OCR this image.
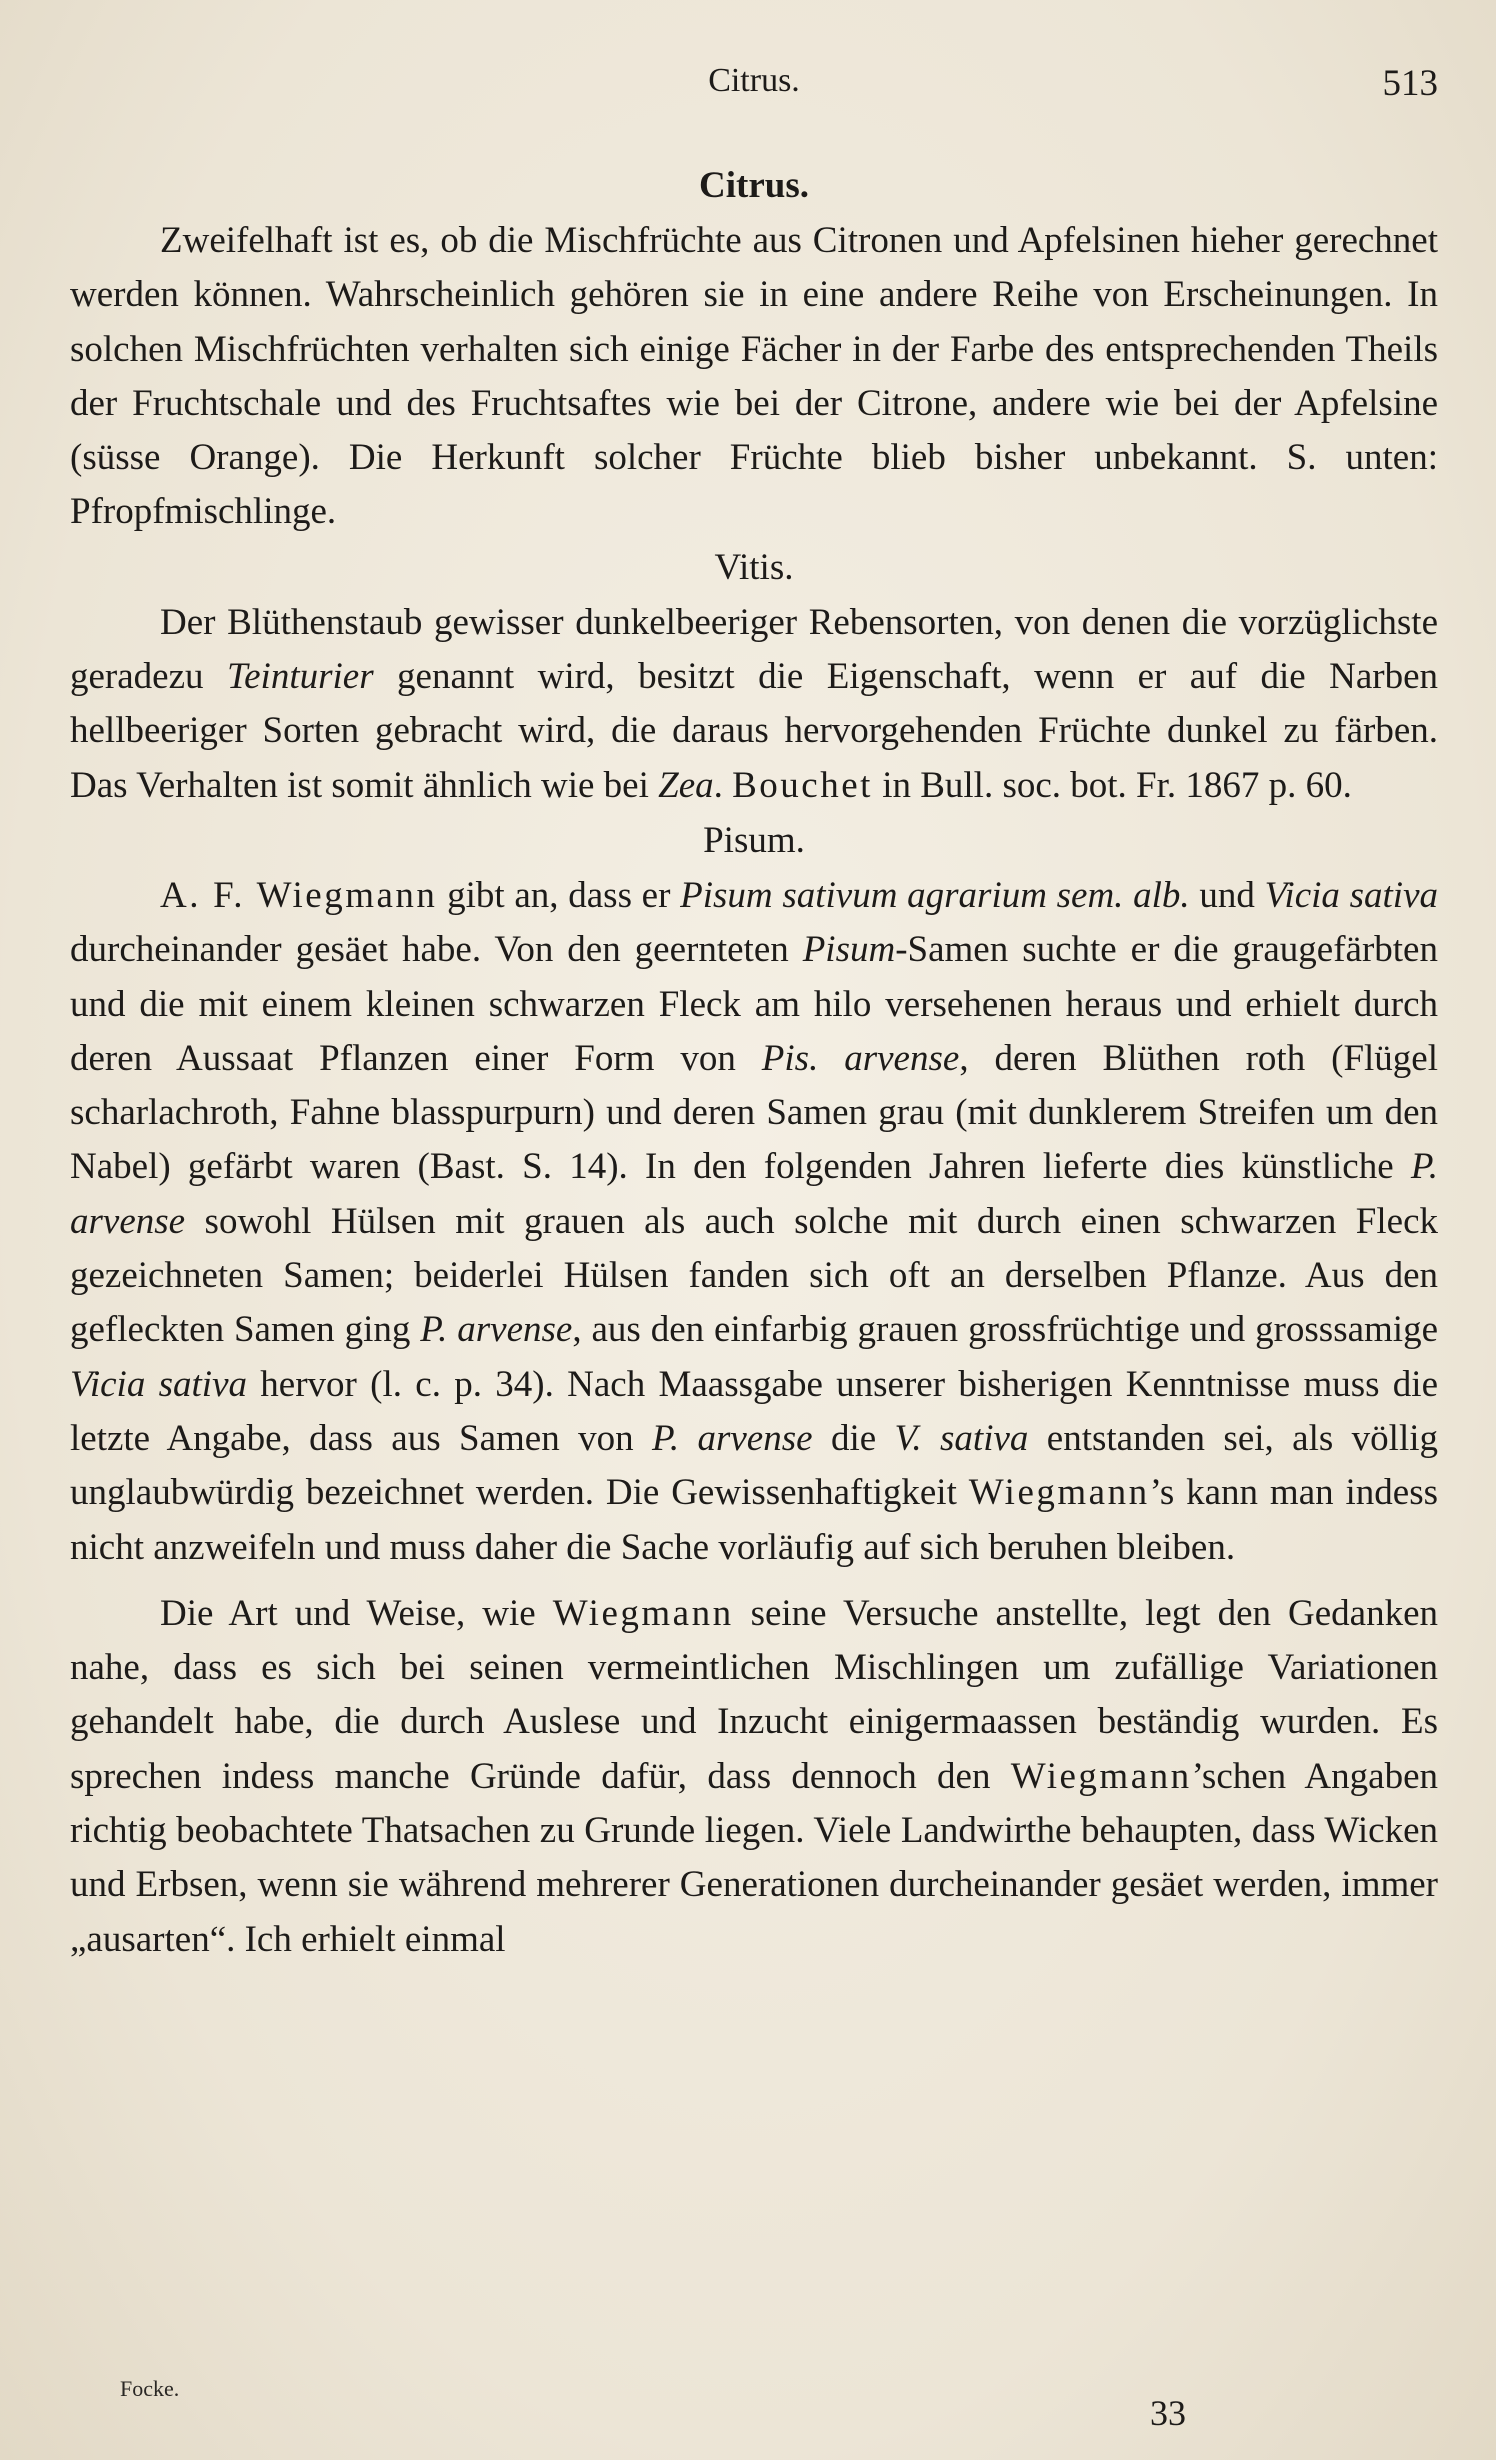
Citrus.	513
Citrus.

Zweifelhaft ist es, ob die Mischfrüchte aus Citronen und Apfelsinen hieher gerechnet werden können. Wahrscheinlich gehören sie in eine andere Reihe von Erscheinungen. In solchen Mischfrüchten verhalten sich einige Fächer in der Farbe des entsprechenden Theils der Fruchtschale und des Fruchtsaftes wie bei der Citrone, andere wie bei der Apfelsine (süsse Orange). Die Herkunft solcher Früchte blieb bisher unbekannt. S. unten: Pfropfmischlinge.

Vitis.

Der Blüthenstaub gewisser dunkelbeeriger Rebensorten, von denen die vorzüglichste geradezu Teinturier genannt wird, besitzt die Eigenschaft, wenn er auf die Narben hellbeeriger Sorten gebracht wird, die daraus hervorgehenden Früchte dunkel zu färben. Das Verhalten ist somit ähnlich wie bei Zea. Bouchet in Bull. soc. bot. Fr. 1867 p. 60.

Pisum.

A. F. Wiegmann gibt an, dass er Pisum sativum agrarium sem. alb. und Vicia sativa durcheinander gesäet habe. Von den geernteten Pisum-Samen suchte er die graugefärbten und die mit einem kleinen schwarzen Fleck am hilo versehenen heraus und erhielt durch deren Aussaat Pflanzen einer Form von Pis. arvense, deren Blüthen roth (Flügel scharlachroth, Fahne blasspurpurn) und deren Samen grau (mit dunklerem Streifen um den Nabel) gefärbt waren (Bast. S. 14). In den folgenden Jahren lieferte dies künstliche P. arvense sowohl Hülsen mit grauen als auch solche mit durch einen schwarzen Fleck gezeichneten Samen; beiderlei Hülsen fanden sich oft an derselben Pflanze. Aus den gefleckten Samen ging P. arvense, aus den einfarbig grauen grossfrüchtige und grosssamige Vicia sativa hervor (l. c. p. 34). Nach Maassgabe unserer bisherigen Kenntnisse muss die letzte Angabe, dass aus Samen von P. arvense die V. sativa entstanden sei, als völlig unglaubwürdig bezeichnet werden. Die Gewissenhaftigkeit Wiegmann’s kann man indess nicht anzweifeln und muss daher die Sache vorläufig auf sich beruhen bleiben.

Die Art und Weise, wie Wiegmann seine Versuche anstellte, legt den Gedanken nahe, dass es sich bei seinen vermeintlichen Mischlingen um zufällige Variationen gehandelt habe, die durch Auslese und Inzucht einigermaassen beständig wurden. Es sprechen indess manche Gründe dafür, dass dennoch den Wiegmann’schen Angaben richtig beobachtete Thatsachen zu Grunde liegen. Viele Landwirthe behaupten, dass Wicken und Erbsen, wenn sie während mehrerer Generationen durcheinander gesäet werden, immer „ausarten“. Ich erhielt einmal

Focke.
33
